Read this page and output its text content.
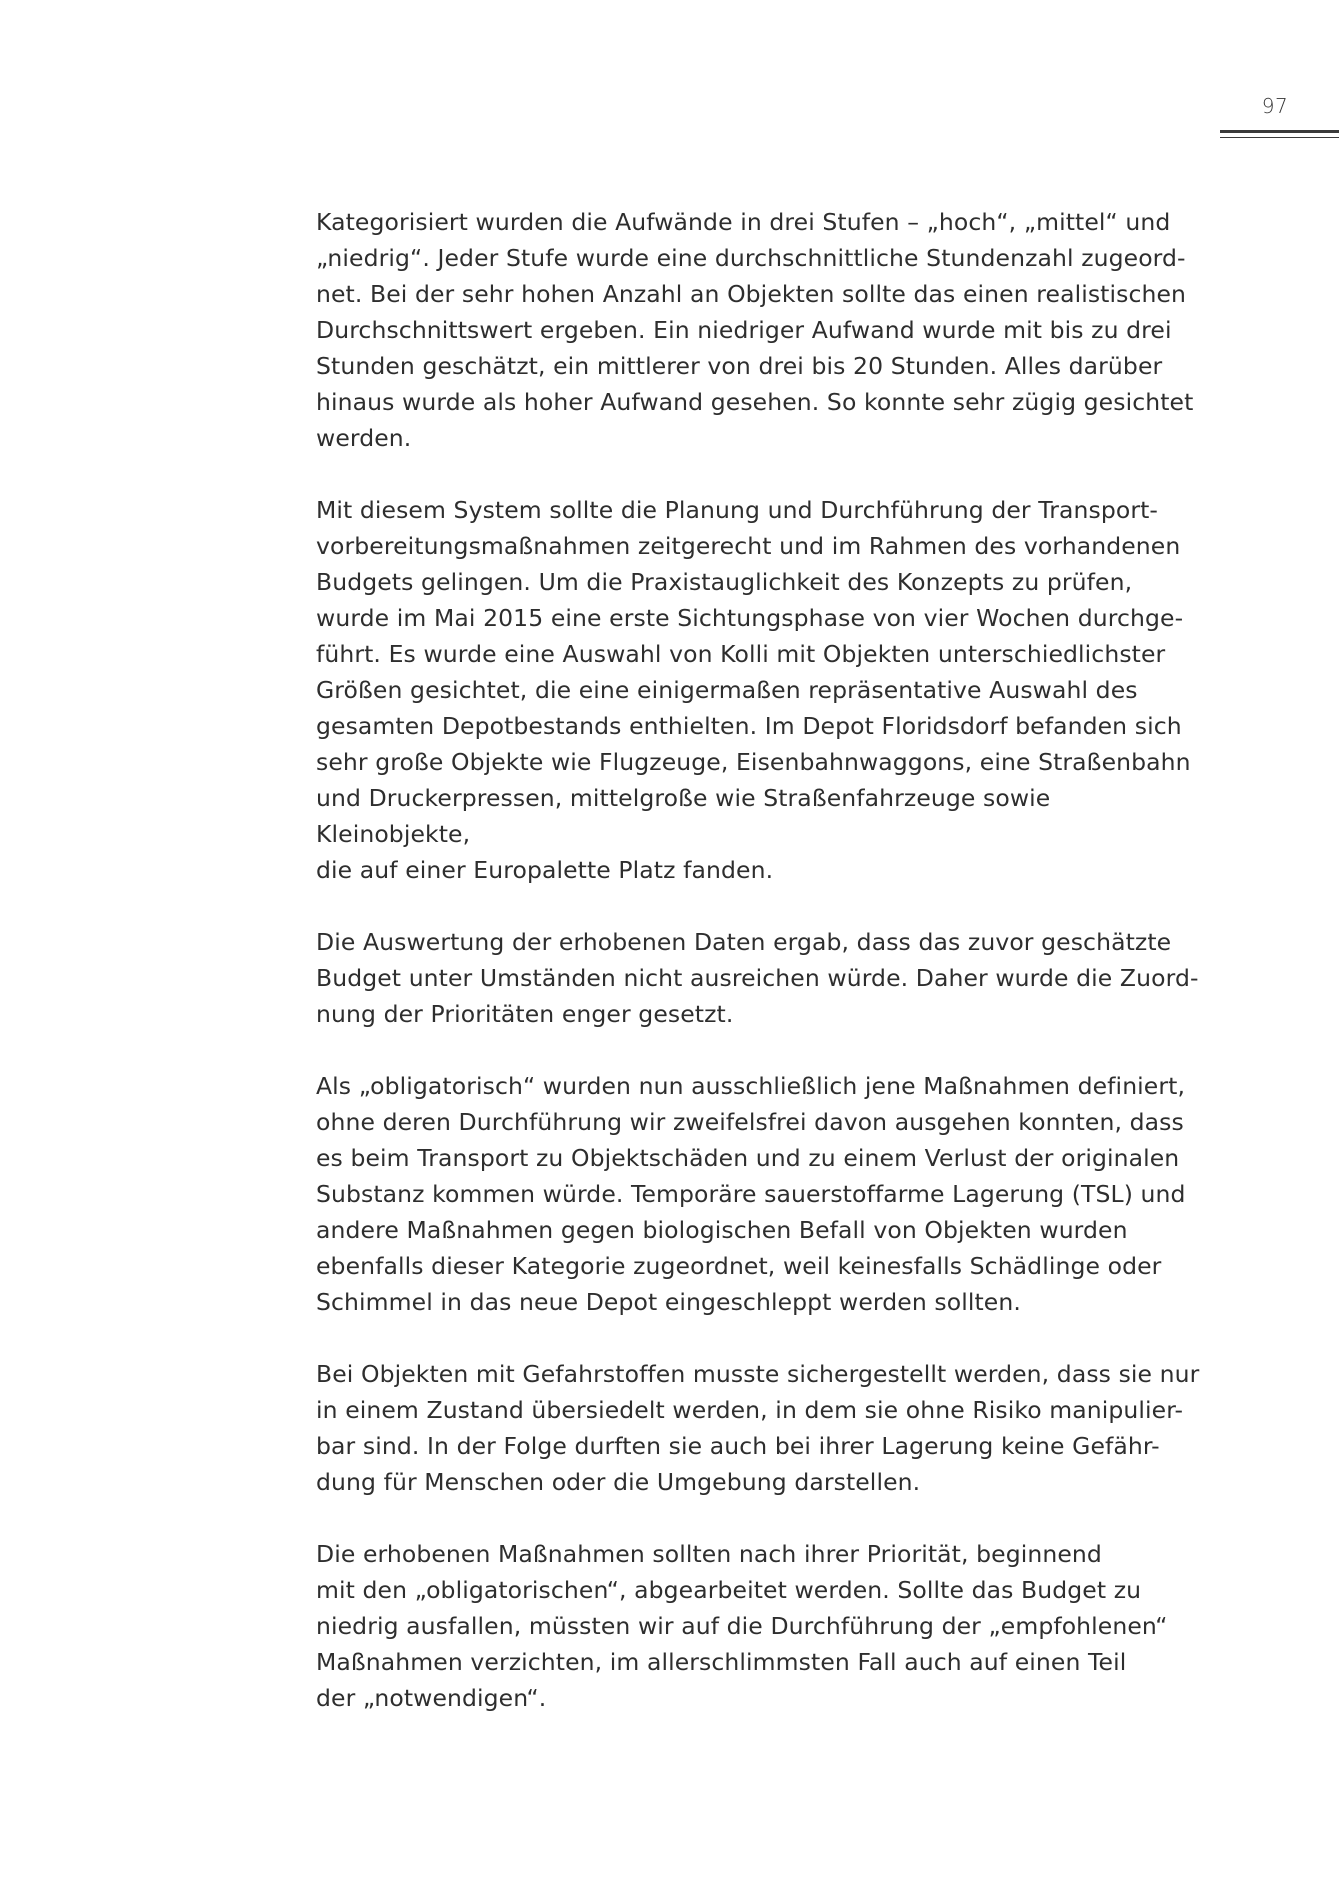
97

Kategorisiert wurden die Aufwände in drei Stufen – „hoch“, „mittel“ und
„niedrig“. Jeder Stufe wurde eine durchschnittliche Stundenzahl zugeord-
net. Bei der sehr hohen Anzahl an Objekten sollte das einen realistischen
Durchschnittswert ergeben. Ein niedriger Aufwand wurde mit bis zu drei
Stunden geschätzt, ein mittlerer von drei bis 20 Stunden. Alles darüber
hinaus wurde als hoher Aufwand gesehen. So konnte sehr zügig gesichtet
werden.

Mit diesem System sollte die Planung und Durchführung der Transport-
vorbereitungsmaßnahmen zeitgerecht und im Rahmen des vorhandenen
Budgets gelingen. Um die Praxistauglichkeit des Konzepts zu prüfen,
wurde im Mai 2015 eine erste Sichtungsphase von vier Wochen durchge-
führt. Es wurde eine Auswahl von Kolli mit Objekten unterschiedlichster
Größen gesichtet, die eine einigermaßen repräsentative Auswahl des
gesamten Depotbestands enthielten. Im Depot Floridsdorf befanden sich
sehr große Objekte wie Flugzeuge, Eisenbahnwaggons, eine Straßenbahn
und Druckerpressen, mittelgroße wie Straßenfahrzeuge sowie Kleinobjekte,
die auf einer Europalette Platz fanden.

Die Auswertung der erhobenen Daten ergab, dass das zuvor geschätzte
Budget unter Umständen nicht ausreichen würde. Daher wurde die Zuord-
nung der Prioritäten enger gesetzt.

Als „obligatorisch“ wurden nun ausschließlich jene Maßnahmen definiert,
ohne deren Durchführung wir zweifelsfrei davon ausgehen konnten, dass
es beim Transport zu Objektschäden und zu einem Verlust der originalen
Substanz kommen würde. Temporäre sauerstoffarme Lagerung (TSL) und
andere Maßnahmen gegen biologischen Befall von Objekten wurden
ebenfalls dieser Kategorie zugeordnet, weil keinesfalls Schädlinge oder
Schimmel in das neue Depot eingeschleppt werden sollten.

Bei Objekten mit Gefahrstoffen musste sichergestellt werden, dass sie nur
in einem Zustand übersiedelt werden, in dem sie ohne Risiko manipulier-
bar sind. In der Folge durften sie auch bei ihrer Lagerung keine Gefähr-
dung für Menschen oder die Umgebung darstellen.

Die erhobenen Maßnahmen sollten nach ihrer Priorität, beginnend
mit den „obligatorischen“, abgearbeitet werden. Sollte das Budget zu
niedrig ausfallen, müssten wir auf die Durchführung der „empfohlenen“
Maßnahmen verzichten, im allerschlimmsten Fall auch auf einen Teil
der „notwendigen“.
